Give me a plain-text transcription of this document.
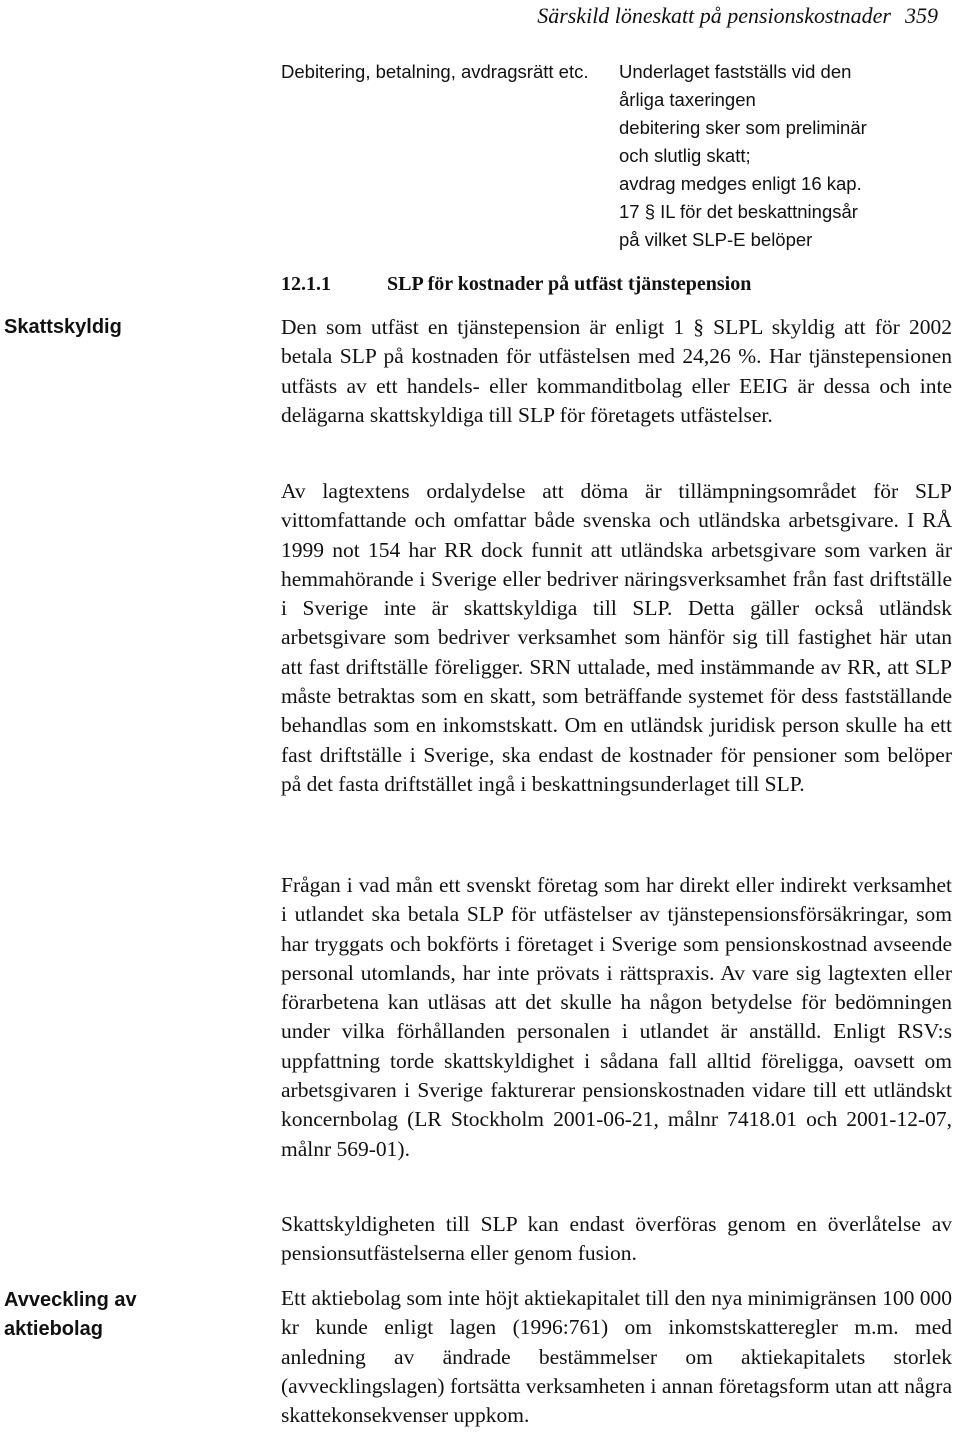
Särskild löneskatt på pensionskostnader 359
Debitering, betalning, avdragsrätt etc.	Underlaget fastställs vid den
årliga taxeringen
debitering sker som preliminär
och slutlig skatt;
avdrag medges enligt 16 kap.
17 § IL för det beskattningsår
på vilket SLP-E belöper
12.1.1	SLP för kostnader på utfäst tjänstepension
Skattskyldig
Avveckling av aktiebolag

Den som utfäst en tjänstepension är enligt 1 § SLPL skyldig att för 2002 betala SLP på kostnaden för utfästelsen med 24,26 %. Har tjänstepensionen utfästs av ett handels- eller kommanditbolag eller EEIG är dessa och inte delägarna skattskyldiga till SLP för företagets utfästelser.

Av lagtextens ordalydelse att döma är tillämpningsområdet för SLP vittomfattande och omfattar både svenska och utländska arbetsgivare. I RÅ 1999 not 154 har RR dock funnit att utländska arbetsgivare som varken är hemmahörande i Sverige eller bedriver näringsverksamhet från fast driftställe i Sverige inte är skattskyldiga till SLP. Detta gäller också utländsk arbetsgivare som bedriver verksamhet som hänför sig till fastighet här utan att fast driftställe föreligger. SRN uttalade, med instämmande av RR, att SLP måste betraktas som en skatt, som beträffande systemet för dess fastställande behandlas som en inkomstskatt. Om en utländsk juridisk person skulle ha ett fast driftställe i Sverige, ska endast de kostnader för pensioner som belöper på det fasta driftstället ingå i beskattningsunderlaget till SLP.

Frågan i vad mån ett svenskt företag som har direkt eller indirekt verksamhet i utlandet ska betala SLP för utfästelser av tjänstepensionsförsäkringar, som har tryggats och bokförts i företaget i Sverige som pensionskostnad avseende personal utomlands, har inte prövats i rättspraxis. Av vare sig lagtexten eller förarbetena kan utläsas att det skulle ha någon betydelse för bedömningen under vilka förhållanden personalen i utlandet är anställd. Enligt RSV:s uppfattning torde skattskyldighet i sådana fall alltid föreligga, oavsett om arbetsgivaren i Sverige fakturerar pensionskostnaden vidare till ett utländskt koncernbolag (LR Stockholm 2001-06-21, målnr 7418.01 och 2001-12-07, målnr 569-01).

Skattskyldigheten till SLP kan endast överföras genom en överlåtelse av pensionsutfästelserna eller genom fusion.

Ett aktiebolag som inte höjt aktiekapitalet till den nya minimigränsen 100 000 kr kunde enligt lagen (1996:761) om inkomstskatteregler m.m. med anledning av ändrade bestämmelser om aktiekapitalets storlek (avvecklingslagen) fortsätta verksamheten i annan företagsform utan att några skattekonsekvenser uppkom.
